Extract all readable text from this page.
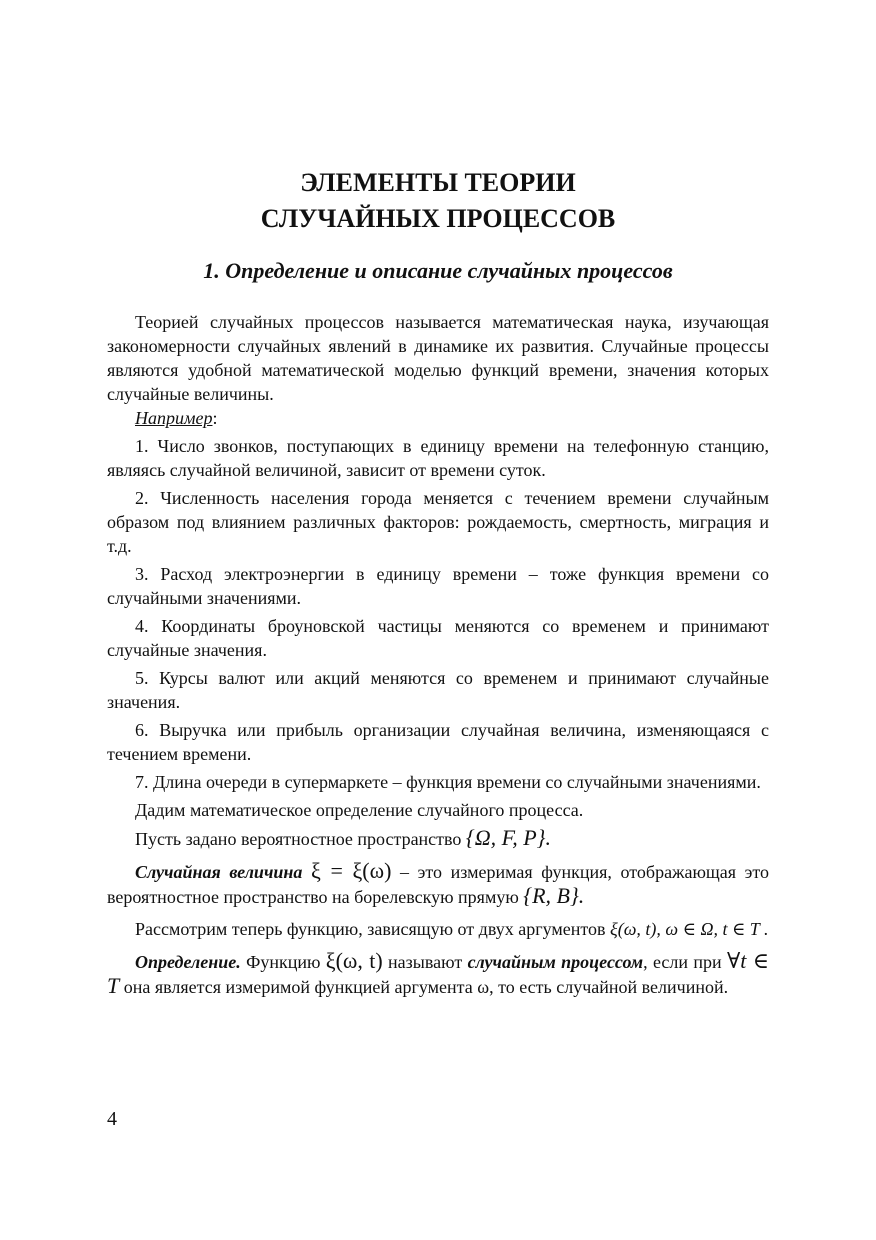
ЭЛЕМЕНТЫ ТЕОРИИ
СЛУЧАЙНЫХ ПРОЦЕССОВ
1. Определение и описание случайных процессов

Теорией случайных процессов называется математическая наука, изучающая закономерности случайных явлений в динамике их развития. Случайные процессы являются удобной математической моделью функций времени, значения которых случайные величины.

Например:

1. Число звонков, поступающих в единицу времени на телефонную станцию, являясь случайной величиной, зависит от времени суток.

2. Численность населения города меняется с течением времени случайным образом под влиянием различных факторов: рождаемость, смертность, миграция и т.д.

3. Расход электроэнергии в единицу времени – тоже функция времени со случайными значениями.

4. Координаты броуновской частицы меняются со временем и принимают случайные значения.

5. Курсы валют или акций меняются со временем и принимают случайные значения.

6. Выручка или прибыль организации случайная величина, изменяющаяся с течением времени.

7. Длина очереди в супермаркете – функция времени со случайными значениями.

Дадим математическое определение случайного процесса.

Пусть задано вероятностное пространство {Ω, F, P}.

Случайная величина ξ = ξ(ω) – это измеримая функция, отображающая это вероятностное пространство на борелевскую прямую {R, B}.

Рассмотрим теперь функцию, зависящую от двух аргументов ξ(ω, t), ω ∈ Ω, t ∈ T .

Определение. Функцию ξ(ω, t) называют случайным процессом, если при ∀t ∈ T она является измеримой функцией аргумента ω, то есть случайной величиной.

4
